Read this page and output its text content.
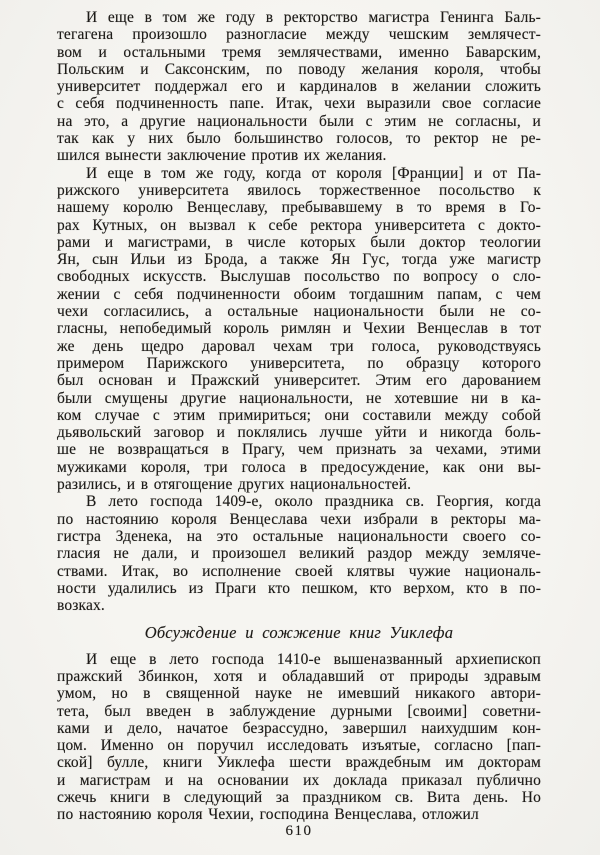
И еще в том же году в ректорство магистра Генинга Баль-
тегагена произошло разногласие между чешским землячест-
вом и остальными тремя землячествами, именно Баварским,
Польским и Саксонским, по поводу желания короля, чтобы
университет поддержал его и кардиналов в желании сложить
с себя подчиненность папе. Итак, чехи выразили свое согласие
на это, а другие национальности были с этим не согласны, и
так как у них было большинство голосов, то ректор не ре-
шился вынести заключение против их желания.
И еще в том же году, когда от короля [Франции] и от Па-
рижского университета явилось торжественное посольство к
нашему королю Венцеславу, пребывавшему в то время в Го-
рах Кутных, он вызвал к себе ректора университета с докто-
рами и магистрами, в числе которых были доктор теологии
Ян, сын Ильи из Брода, а также Ян Гус, тогда уже магистр
свободных искусств. Выслушав посольство по вопросу о сло-
жении с себя подчиненности обоим тогдашним папам, с чем
чехи согласились, а остальные национальности были не со-
гласны, непобедимый король римлян и Чехии Венцеслав в тот
же день щедро даровал чехам три голоса, руководствуясь
примером Парижского университета, по образцу которого
был основан и Пражский университет. Этим его дарованием
были смущены другие национальности, не хотевшие ни в ка-
ком случае с этим примириться; они составили между собой
дьявольский заговор и поклялись лучше уйти и никогда боль-
ше не возвращаться в Прагу, чем признать за чехами, этими
мужиками короля, три голоса в предосуждение, как они вы-
разились, и в отягощение других национальностей.
В лето господа 1409-е, около праздника св. Георгия, когда
по настоянию короля Венцеслава чехи избрали в ректоры ма-
гистра Зденека, на это остальные национальности своего со-
гласия не дали, и произошел великий раздор между земляче-
ствами. Итак, во исполнение своей клятвы чужие националь-
ности удалились из Праги кто пешком, кто верхом, кто в по-
возках.
Обсуждение и сожжение книг Уиклефа
И еще в лето господа 1410-е вышеназванный архиепископ
пражский Збинкон, хотя и обладавший от природы здравым
умом, но в священной науке не имевший никакого автори-
тета, был введен в заблуждение дурными [своими] советни-
ками и дело, начатое безрассудно, завершил наихудшим кон-
цом. Именно он поручил исследовать изъятые, согласно [пап-
ской] булле, книги Уиклефа шести враждебным им докторам
и магистрам и на основании их доклада приказал публично
сжечь книги в следующий за праздником св. Вита день. Но
по настоянию короля Чехии, господина Венцеслава, отложил
610
